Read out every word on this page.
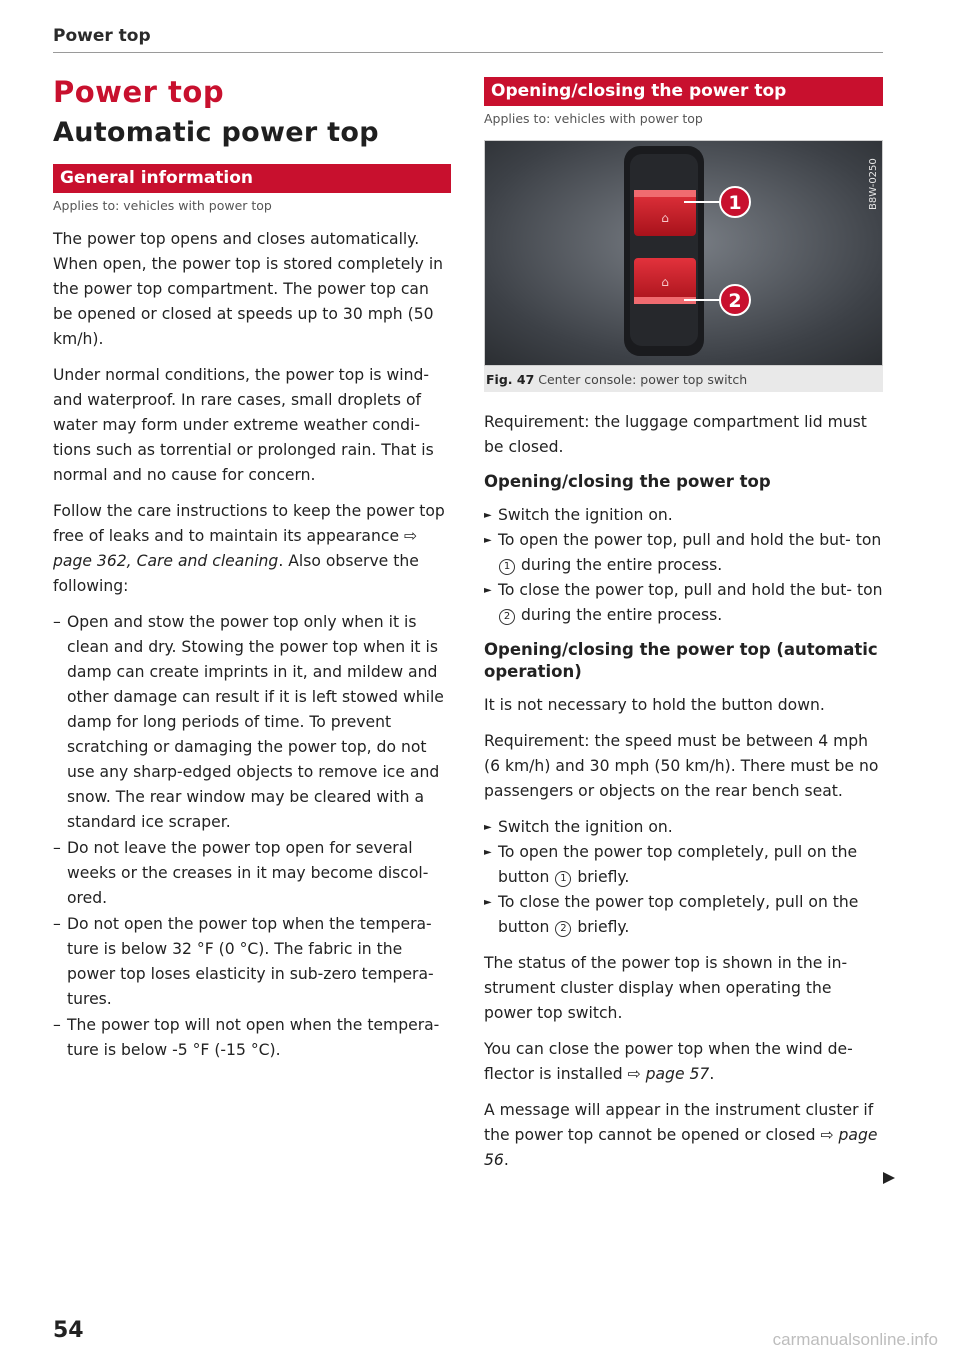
Power top
Power top
Automatic power top
General information
Applies to: vehicles with power top

The power top opens and closes automatically. When open, the power top is stored completely in the power top compartment. The power top can be opened or closed at speeds up to 30 mph (50 km/h).

Under normal conditions, the power top is wind- and waterproof. In rare cases, small droplets of water may form under extreme weather condi- tions such as torrential or prolonged rain. That is normal and no cause for concern.

Follow the care instructions to keep the power top free of leaks and to maintain its appearance ⇨ page 362, Care and cleaning. Also observe the following:

– Open and stow the power top only when it is clean and dry. Stowing the power top when it is damp can create imprints in it, and mildew and other damage can result if it is left stowed while damp for long periods of time. To prevent scratching or damaging the power top, do not use any sharp-edged objects to remove ice and snow. The rear window may be cleared with a standard ice scraper.
– Do not leave the power top open for several weeks or the creases in it may become discol- ored.
– Do not open the power top when the tempera- ture is below 32 °F (0 °C). The fabric in the power top loses elasticity in sub-zero tempera- tures.
– The power top will not open when the tempera- ture is below -5 °F (-15 °C).
Opening/closing the power top
Applies to: vehicles with power top
⌂
⌂
1
2
B8W-0250
Fig. 47 Center console: power top switch

Requirement: the luggage compartment lid must be closed.

Opening/closing the power top
► Switch the ignition on.
► To open the power top, pull and hold the but- ton 1 during the entire process.
► To close the power top, pull and hold the but- ton 2 during the entire process.
Opening/closing the power top (automatic operation)

It is not necessary to hold the button down.

Requirement: the speed must be between 4 mph (6 km/h) and 30 mph (50 km/h). There must be no passengers or objects on the rear bench seat.

► Switch the ignition on.
► To open the power top completely, pull on the button 1 briefly.
► To close the power top completely, pull on the button 2 briefly.

The status of the power top is shown in the in- strument cluster display when operating the power top switch.

You can close the power top when the wind de- flector is installed ⇨ page 57.

A message will appear in the instrument cluster if the power top cannot be opened or closed ⇨ page 56.

54	carmanualsonline.info
